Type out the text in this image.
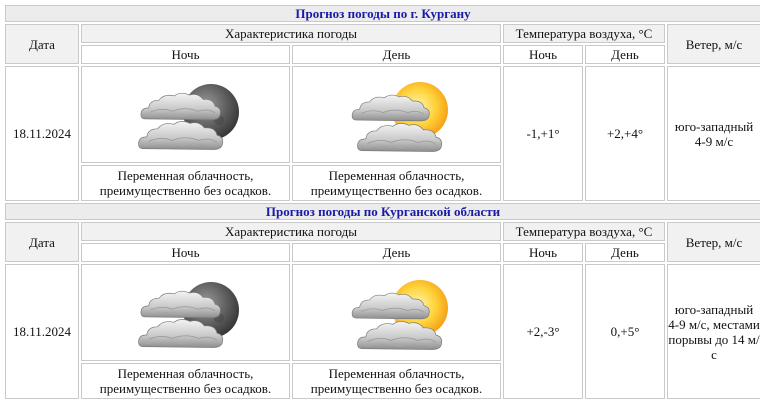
Прогноз погоды по г. Кургану					
Дата	Характеристика погоды		Температура воздуха, °С		Ветер, м/с
	Ночь	День	Ночь	День	
18.11.2024			-1,+1°	+2,+4°	юго-западный 4-9 м/с
	Переменная облачность, преимущественно без осадков.	Переменная облачность, преимущественно без осадков.			
Прогноз погоды по Курганской области					
Дата	Характеристика погоды		Температура воздуха, °С		Ветер, м/с
	Ночь	День	Ночь	День	
18.11.2024			+2,-3°	0,+5°	юго-западный 4-9 м/с, местами порывы до 14 м/с
	Переменная облачность, преимущественно без осадков.	Переменная облачность, преимущественно без осадков.			
